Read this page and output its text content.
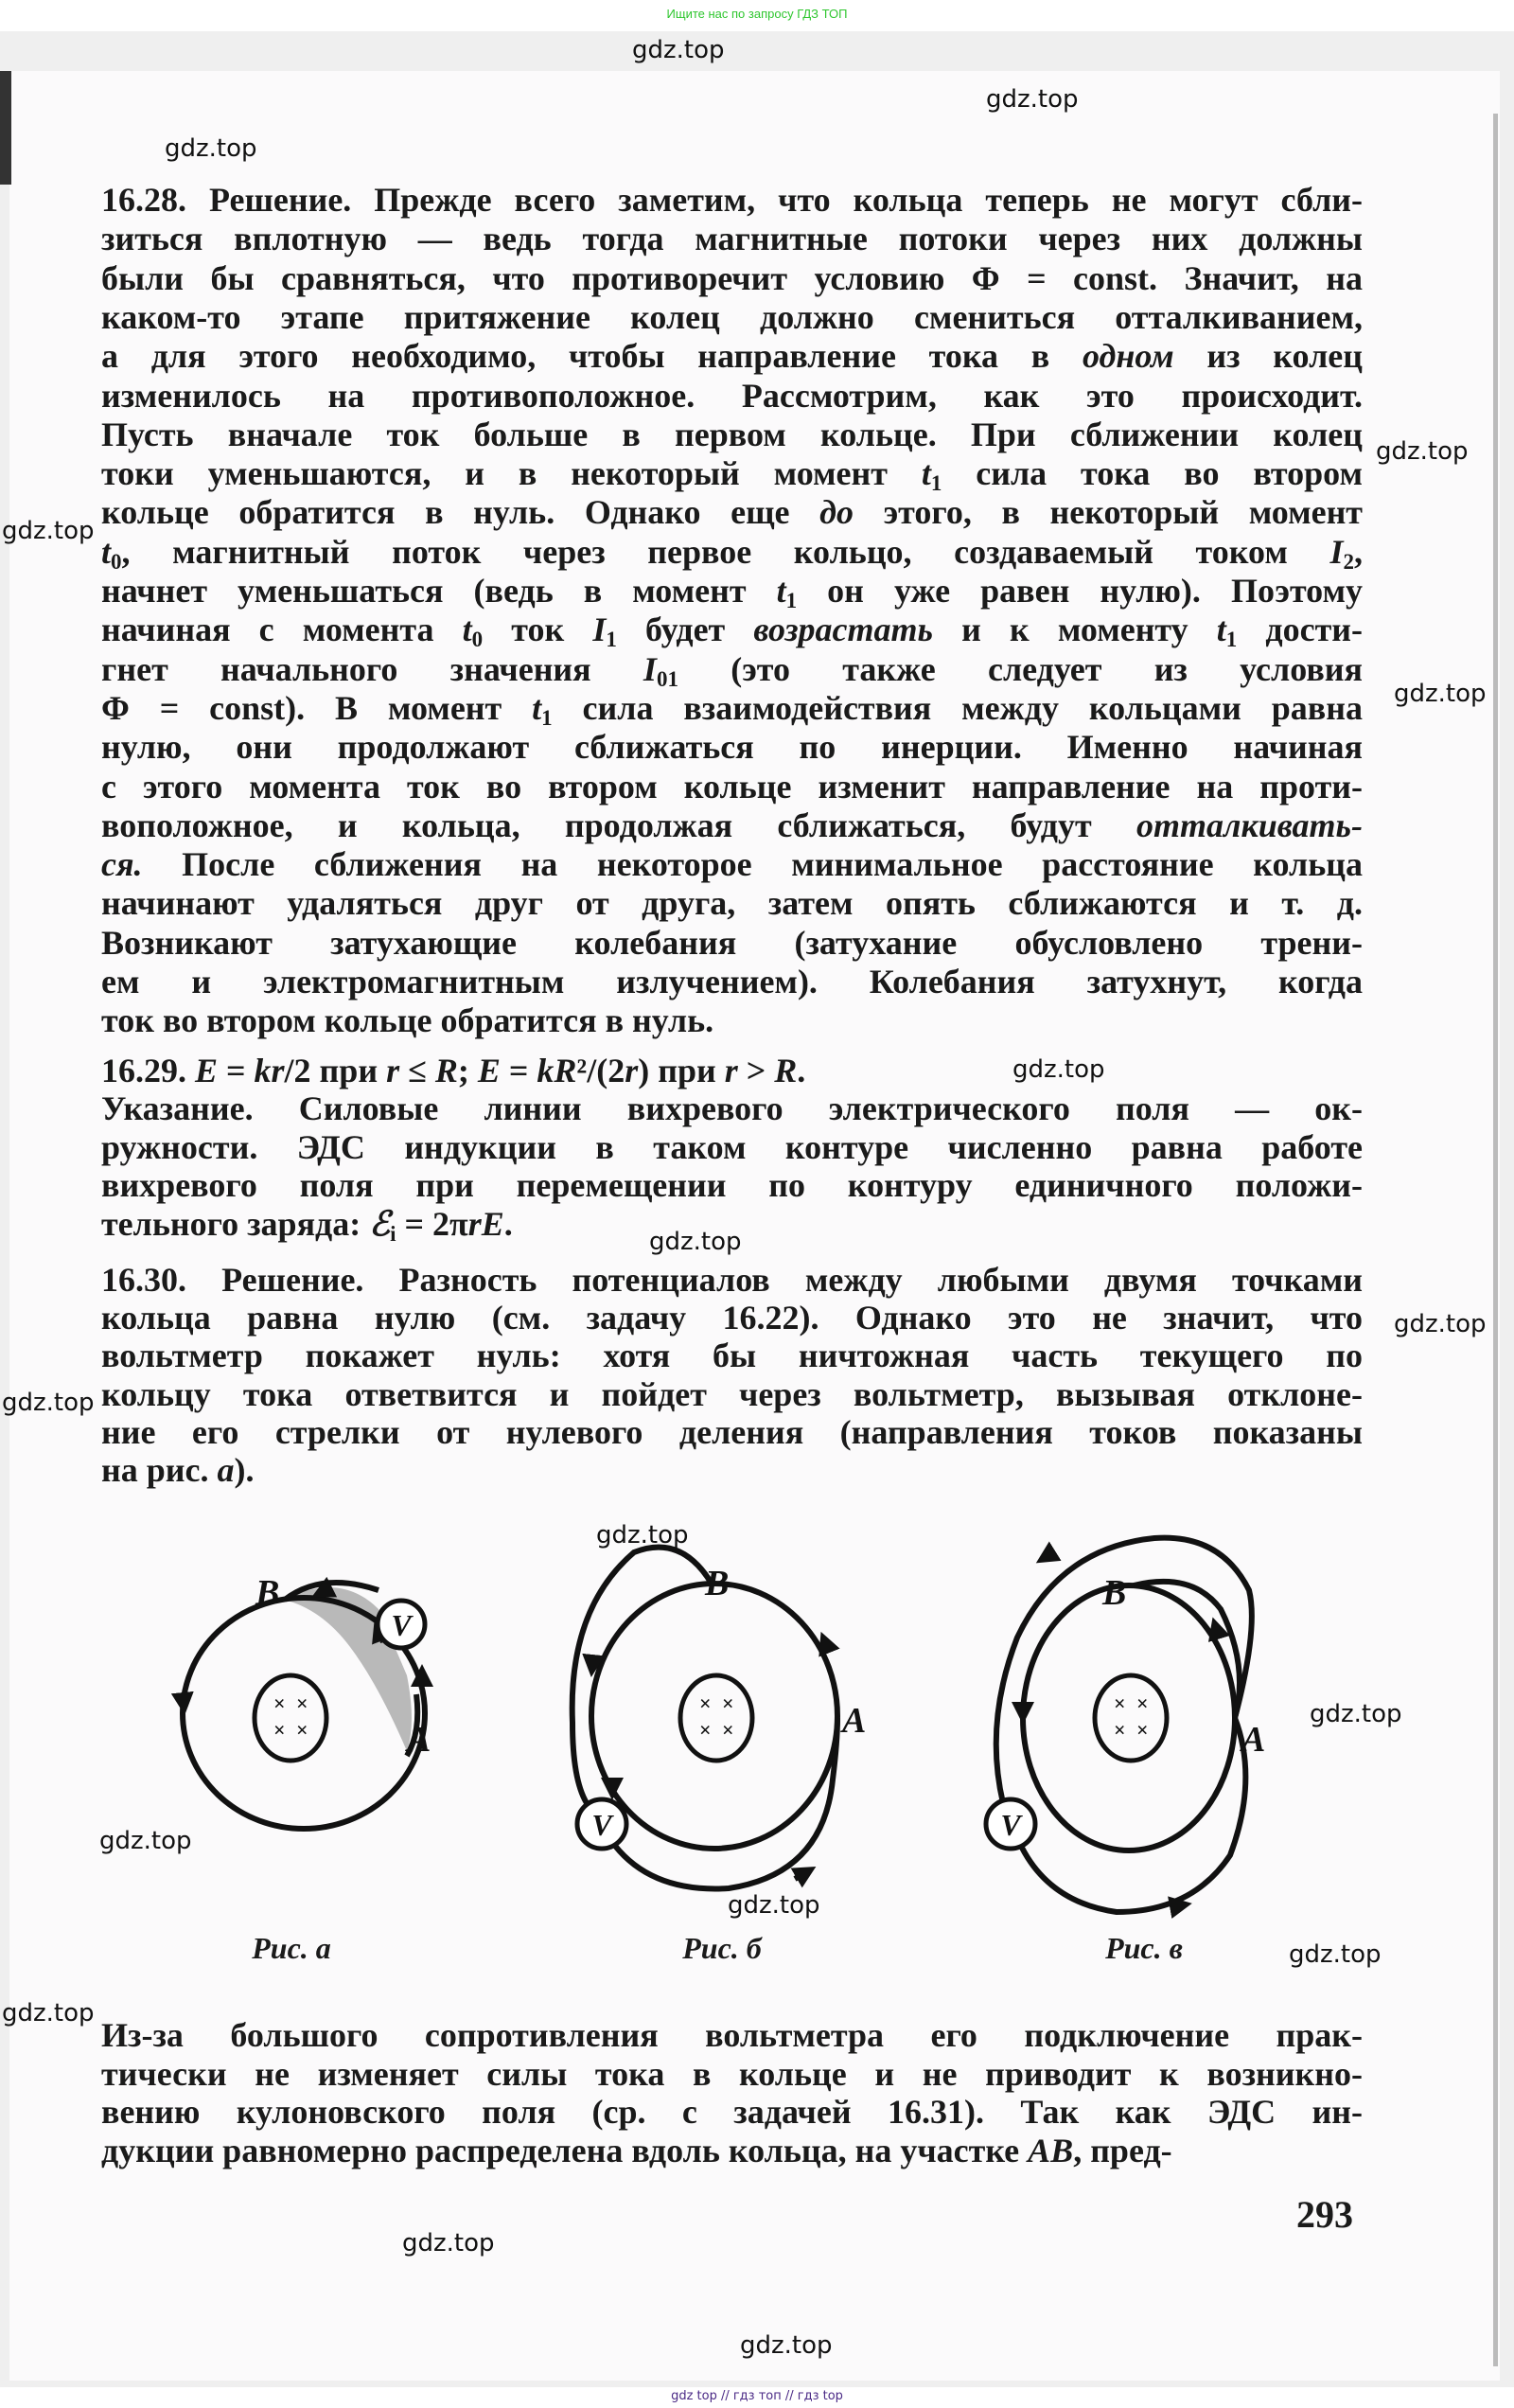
Ищите нас по запросу ГДЗ ТОП
16.28. Решение. Прежде всего заметим, что кольца теперь не могут сбли-
зиться вплотную — ведь тогда магнитные потоки через них должны
были бы сравняться, что противоречит условию Φ = const. Значит, на
каком-то этапе притяжение колец должно смениться отталкиванием,
а для этого необходимо, чтобы направление тока в одном из колец
изменилось на противоположное. Рассмотрим, как это происходит.
Пусть вначале ток больше в первом кольце. При сближении колец
токи уменьшаются, и в некоторый момент $t_1$ сила тока во втором
кольце обратится в нуль. Однако еще до этого, в некоторый момент
$t_0$, магнитный поток через первое кольцо, создаваемый током $I_2$,
начнет уменьшаться (ведь в момент $t_1$ он уже равен нулю). Поэтому
начиная с момента $t_0$ ток $I_1$ будет возрастать и к моменту $t_1$ дости-
гнет начального значения $I_{01}$ (это также следует из условия
Φ = const). В момент $t_1$ сила взаимодействия между кольцами равна
нулю, они продолжают сближаться по инерции. Именно начиная
с этого момента ток во втором кольце изменит направление на проти-
воположное, и кольца, продолжая сближаться, будут отталкивать-
ся. После сближения на некоторое минимальное расстояние кольца
начинают удаляться друг от друга, затем опять сближаются и т. д.
Возникают затухающие колебания (затухание обусловлено трени-
ем и электромагнитным излучением). Колебания затухнут, когда
ток во втором кольце обратится в нуль.
16.29. E = kr/2 при r ≤ R; E = kR²/(2r) при r > R.
Указание. Силовые линии вихревого электрического поля — ок-
ружности. ЭДС индукции в таком контуре численно равна работе
вихревого поля при перемещении по контуру единичного положи-
тельного заряда: ℰ$_i$ = 2πrE.
16.30. Решение. Разность потенциалов между любыми двумя точками
кольца равна нулю (см. задачу 16.22). Однако это не значит, что
вольтметр покажет нуль: хотя бы ничтожная часть текущего по
кольцу тока ответвится и пойдет через вольтметр, вызывая отклоне-
ние его стрелки от нулевого деления (направления токов показаны
на рис. а).
Из-за большого сопротивления вольтметра его подключение прак-
тически не изменяет силы тока в кольце и не приводит к возникно-
вению кулоновского поля (ср. с задачей 16.31). Так как ЭДС ин-
дукции равномерно распределена вдоль кольца, на участке AB, пред-
B
A
V
B
A
V
B
A
V
× ×
× ×
× ×
× ×
× ×
× ×
Рис. а	Рис. б	Рис. в
gdz.top
gdz.top
gdz.top
gdz.top
gdz.top
gdz.top
gdz.top
gdz.top
gdz.top
gdz.top
gdz.top
gdz.top
gdz.top
gdz.top
gdz.top
gdz.top
gdz.top
gdz.top
293
gdz top // гдз топ // гдз top
